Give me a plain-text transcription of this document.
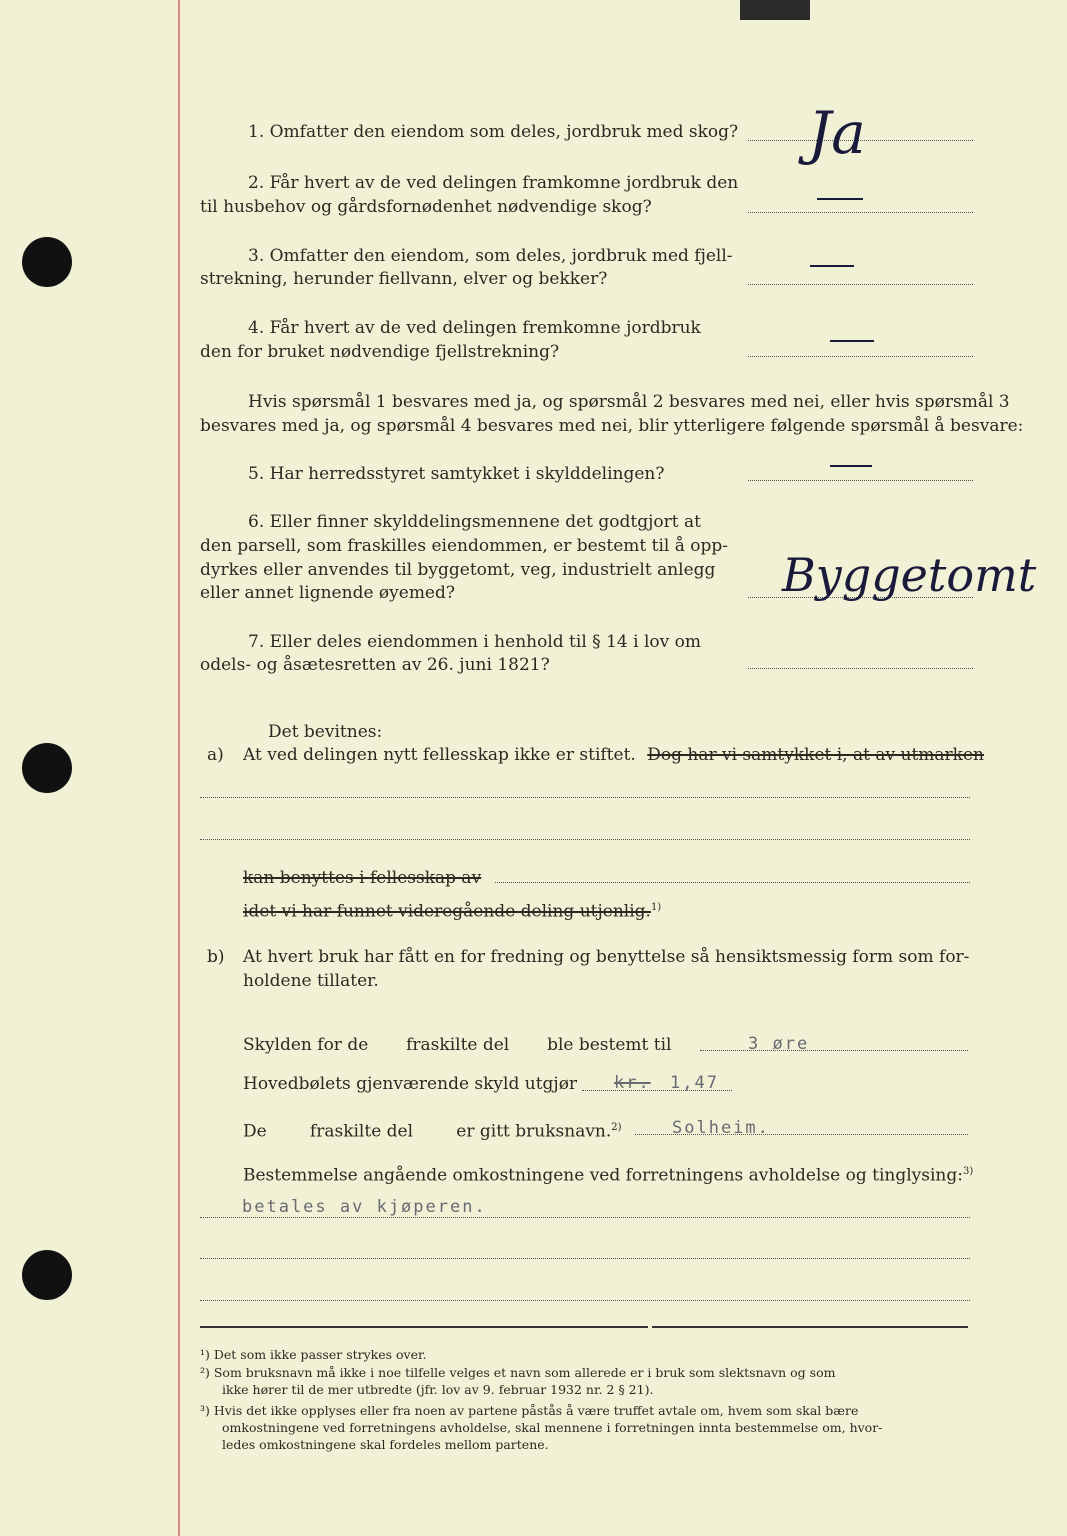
1. Omfatter den eiendom som deles, jordbruk med skog? Ja
2. Får hvert av de ved delingen framkomne jordbruk den
til husbehov og gårdsfornødenhet nødvendige skog?
3. Omfatter den eiendom, som deles, jordbruk med fjell-
strekning, herunder fiellvann, elver og bekker?
4. Får hvert av de ved delingen fremkomne jordbruk
den for bruket nødvendige fjellstrekning?
Hvis spørsmål 1 besvares med ja, og spørsmål 2 besvares med nei, eller hvis spørsmål 3
besvares med ja, og spørsmål 4 besvares med nei, blir ytterligere følgende spørsmål å besvare:
5. Har herredsstyret samtykket i skylddelingen?
6. Eller finner skylddelingsmennene det godtgjort at
den parsell, som fraskilles eiendommen, er bestemt til å opp-
dyrkes eller anvendes til byggetomt, veg, industrielt anlegg
eller annet lignende øyemed?	Byggetomt
7. Eller deles eiendommen i henhold til § 14 i lov om
odels- og åsætesretten av 26. juni 1821?
Det bevitnes:
a) At ved delingen nytt fellesskap ikke er stiftet. Dog har vi samtykket i, at av utmarken
kan benyttes i fellesskap av
idet vi har funnet videregående deling utjenlig.$^{1)}$
b) At hvert bruk har fått en for fredning og benyttelse så hensiktsmessig form som for-
holdene tillater.
Skylden for de       fraskilte del       ble bestemt til	3 øre
Hovedbølets gjenværende skyld utgjør kr. 1,47
De        fraskilte del        er gitt bruksnavn.$^{2)}$	Solheim.
Bestemmelse angående omkostningene ved forretningens avholdelse og tinglysing:$^{3)}$
betales av kjøperen.
¹) Det som ikke passer strykes over.
²) Som bruksnavn må ikke i noe tilfelle velges et navn som allerede er i bruk som slektsnavn og som
ikke hører til de mer utbredte (jfr. lov av 9. februar 1932 nr. 2 § 21).
³) Hvis det ikke opplyses eller fra noen av partene påstås å være truffet avtale om, hvem som skal bære
omkostningene ved forretningens avholdelse, skal mennene i forretningen innta bestemmelse om, hvor-
ledes omkostningene skal fordeles mellom partene.
